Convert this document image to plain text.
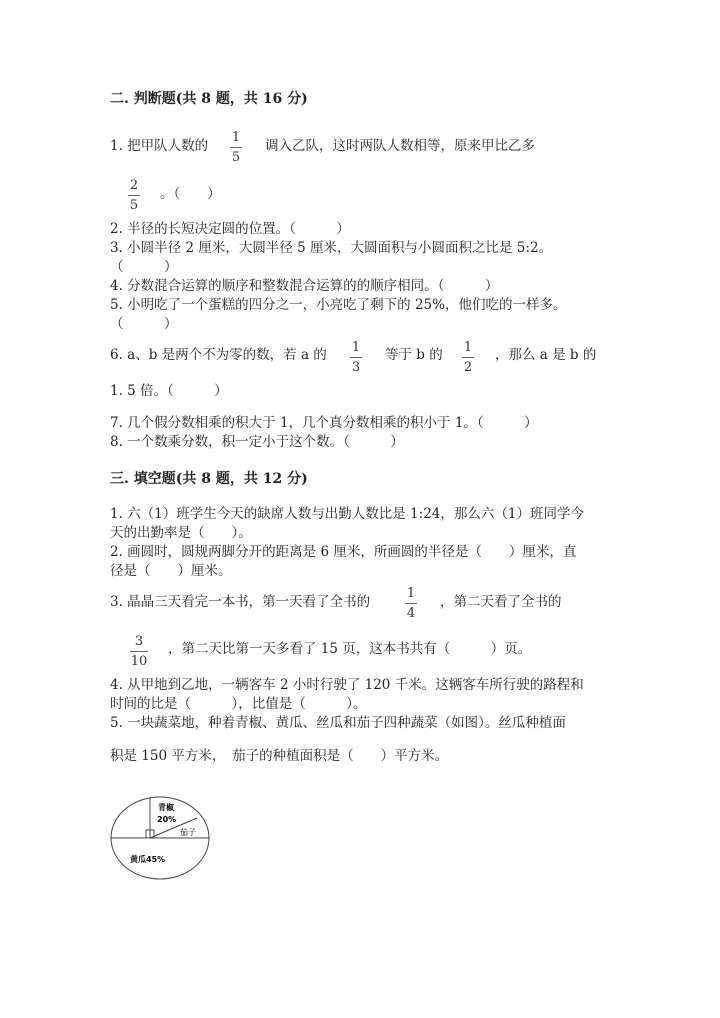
二. 判断题(共 8 题，共 16 分)
1. 把甲队人数的
1
5
调入乙队，这时两队人数相等，原来甲比乙多
2
5
。（　　）
2. 半径的长短决定圆的位置。（　　　）
3. 小圆半径 2 厘米，大圆半径 5 厘米，大圆面积与小圆面积之比是 5:2。
（　　　）
4. 分数混合运算的顺序和整数混合运算的的顺序相同。（　　　）
5. 小明吃了一个蛋糕的四分之一，小亮吃了剩下的 25%，他们吃的一样多。
（　　　）
6. a、b 是两个不为零的数，若 a 的 1
3
等于 b 的 1
2
，那么 a 是 b 的
1. 5 倍。（　　　）
7. 几个假分数相乘的积大于 1，几个真分数相乘的积小于 1。（　　　）
8. 一个数乘分数，积一定小于这个数。（　　　）
三. 填空题(共 8 题，共 12 分)
1. 六（1）班学生今天的缺席人数与出勤人数比是 1:24，那么六（1）班同学今
天的出勤率是（　　）。
2. 画圆时，圆规两脚分开的距离是 6 厘米，所画圆的半径是（　　）厘米，直
径是（　　）厘米。
3. 晶晶三天看完一本书，第一天看了全书的
1
4
，第二天看了全书的
3
10
，第二天比第一天多看了 15 页，这本书共有（　　　）页。
4. 从甲地到乙地，一辆客车 2 小时行驶了 120 千米。这辆客车所行驶的路程和
时间的比是（　　　），比值是（　　　）。
5. 一块蔬菜地，种着青椒、黄瓜、丝瓜和茄子四种蔬菜（如图）。丝瓜种植面
积是 150 平方米，　茄子的种植面积是（　　）平方米。
青椒
20%
茄子
黄瓜45%
